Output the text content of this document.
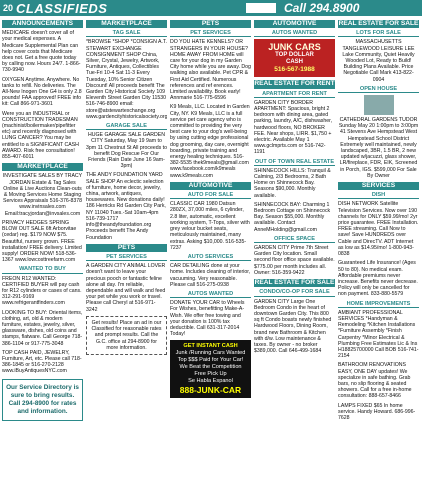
20 CLASSIFIEDS	Call 294.8900
ANNOUNCEMENTS
MEDICARE doesn't cover all of your medical expenses. A Medicare Supplemental Plan can help cover costs that Medicare does not. Get a free quote today by calling now. Hours 24/7. 1-866-730-9940
OXYGEN Anytime. Anywhere. No tanks to refill. No deliveries. The All-New Inogen One G4 is only 2.8 pounds! FAA approved! FREE info kit: Call 866-971-3601
Were you an INDUSTRIAL or CONSTRUCTION TRADESMAN (machinist/boilermaker/pipefitter etc) and recently diagnosed with LUNG CANCER? You may be entitled to a SIGNIFICANT CASH AWARD. Risk free consultation! 855-407-6011
MARKETPLACE
INVESTIGATE SALES BY TRACY JORDAN Estate & Tag Sales Online & Live Auctions Clean-outs & Moving Services Home Staging Services Appraisals 516-376-8378 www.invinsales.com Email:tracyjordan@invsales.com
PRIVACY HEDGES SPRING BLOW OUT SALE 6ft Arborvitae (cedar) reg. $179 NOW $75. Beautiful, nursery grown. FREE installation/ FREE delivery. Limited supply! ORDER NOW! 518-536-1367 www.lowcosttreefarm.com
WANTED TO BUY
FREON R12 WANTED: CERTIFIED BUYER will pay cash for R12 cylinders or cases of cans. 312-291-9169 www.refrigerantfinders.com
LOOKING TO BUY: Oriental items, clothing, art, old & modern furniture, estates, jewelry, silver, glassware, dishes, old coins and stamps, flatware. Call George 718-386-1104 or 917-775-3048
TOP CASH PAID, JEWELRY, Furniture, Art, etc. Please call 718-386-1845 or 516-270-2128 www.iBuyAntiquesNYC.com
Our Service Directory is sure to bring results. Call 294-8900 for rates and information.
MARKETPLACE
TAG SALE
*BROWSE *SHOP *CONSIGN A.T. STEWART EXCHANGE CONSIGNMENT SHOP China, Silver, Crystal, Jewelry, Artwork, Furniture, Antiques, Collectibles Tue-Fri 10-4 Sat 11-3 Every Tuesday, 10% Senior Citizen Discount! All proceeds benefit The Garden City Historical Society 109 Eleventh Street Garden City 11530 516-746-8900 email: store@atstewartexchange.org www.gardencityhistoricalsociety.org
GARAGE SALE
HUGE GARAGE SALE GARDEN CITY Saturday, May 19 9am to 3pm 11 Chestnut St All proceeds to benefit Dog Rescue For Our Friends (Rain Date June 16 9am-3pm)
THE ANDY FOUNDATION YARD SALE SHOP An eclectic selection of furniture, home decor, jewelry, china, artwork, antiques, housewares. New donations daily! 186 Herricks Rd Garden City Park, NY 11040 Tues.-Sat 10am-4pm 516-739-1717 info@theandyfoundation.org Proceeds benefit The Andy Foundation
PETS
PET SERVICES
A GARDEN CITY ANIMAL LOVER doesn't want to leave your precious pooch or fantastic feline alone all day. I'm reliable, dependable and will walk and feed your pet while you work or travel. Please call Cheryl at 516-971-3242
Get results! Place an ad in our Classified for reasonable rates and prompt results. Call the G.C. office at 294-8900 for more information.
PETS
PET SERVICES
DO YOU HATE KENNELS? OR STRANGERS IN YOUR HOUSE? HOME AWAY FROM HOME will care for your dog in my Garden City home while you are away. Dog walking also available. Pet CPR & First Aid Certified. Numerous references and ref erences. Limited availability. Book early! Annmarie 516-775-6596
K9 Meals, LLC. Located in Garden City, NY. K9 Meals, LLC is a full service pet care agency who is committed to providing the very best care to your dog's well-being by using cutting edge professional dog grooming, day care, overnight boarding, private training and energy healing techniques. 516-382-5535 thek9meals@gmail.com www.facebook.com/k9meals www.k9meals.com
AUTOMOTIVE
AUTO FOR SALE
CLASSIC CAR 1980 Datsun 280ZX, 37,000 miles, 6 cylinder, 2.8 liter, automatic, excellent working system, T-Tops, silver with grey velour bucket seats, meticulously maintained, many extras. Asking $10,000. 516-535-7237
AUTO SERVICES
CAR DETAILING done at your home. Includes cleaning of interior, vacuuming. Very reasonable. Please call 516-275-0938
AUTOS WANTED
DONATE YOUR CAR to Wheels For Wishes, benefitting Make-A-Wish. We offer free towing and your donation is 100% tax deductible. Call 631-317-2014 Today!
GET INSTANT CASH
Junk /Running Cars Wanted
Top $$$ Paid for Your Car!
We Beat the Competition
Free Pick Up
Se Habla Espanol
888-JUNK-CAR
AUTOMOTIVE
AUTOS WANTED
JUNK CARS
TOP DOLLAR
CASH
516-567-1988
REAL ESTATE FOR RENT
APARTMENT FOR RENT
GARDEN CITY BORDER APARTMENT: Spacious, bright 2 bedroom with dining area, gated parking, laundry, A/C, dishwasher, hardwood floors, NO BROKER FEE. Near shops, LIRR. $1,750 + electric. Available May 1 www.gclmprts.com or 516-742-1191
OUT OF TOWN REAL ESTATE
SHINNECOCK HILLS: Tranquil & Calming, 2/3 Bedrooms, 2 Bath Home on Shinnecock Bay. Seasons $90,000. Monthly available.
SHINNECOCK BAY: Charming 1 Bedroom Cottage on Shinnecock Bay. Season $55,000. Monthly available. Contact AnneMHolding@gmail.com
OFFICE SPACE
GARDEN CITY Prime 7th Street Garden City location. Small second floor office space available. $775.00 per month includes all. Owner: 516-359-9422
REAL ESTATE FOR SALE
CONDO/CO-OP FOR SALE
GARDEN CITY Large One Bedroom Condo in the heart of downtown Garden City. This 800 sq ft Condo boasts newly finished Hardwood Floors, Dining Room, brand new Bathroom & Kitchen with d/w. Low maintenance & taxes. By owner - no broker $389,000. Call 646-499-1684
REAL ESTATE FOR SALE
LOTS FOR SALE
MASSACHUSETTS TANGLEWOOD LEISURE LEE Lake Community, Quiet Heavily Wooded Lot, Ready to Build! Building Plans Available. Price Negotiable Call Mark 413-822-0904
OPEN HOUSE
CATHEDRAL GARDENS TUDOR Sunday May 20 1:00pm to 3:00pm 41 Stevens Ave Hempstead West Hempstead School District Extremely well maintained, newly landscaped, 3BR, 1.5 BR, 2 new updated w/jacuzzi, glass shower, LR/fireplace, FDR, EIK, Screened in Porch, IGS. $599,000 For Sale By Owner
SERVICES
DISH
DISH NETWORK Satellite Television Services. Now over 190 channels for ONLY $59.99/mo! 2yr price guarantee. FREE Installation. FREE streaming. Call Now to save! Save HUNDREDS over Cable and DirecTV. ADT Internet as low as $14.95/mo! 1-800-943-0838
Guaranteed Life Insurance! (Ages 50 to 80). No medical exam. Affordable premiums never increase. Benefits never decrease. Policy will only be cancelled for non payment. 833-880-5579
HOME IMPROVEMENTS
AMBIANT PROFESSIONAL SERVICES *Handyman & Remodeling *Kitchen Installations *Furniture Assembly *Finish Carpentry *Minor Electrical & Plumbing Free Estimates Lic & Ins H18825700000 Call BOB 516-741-2154
BATHROOM RENOVATIONS EASY, ONE DAY updates! We specialize in safe bathing. Grab bars, no slip flooring & seated showers. Call for a free in-home consultation: 888-657-8466
LAMPS FIXED $65 In home service. Handy Howard. 686-996-7628
